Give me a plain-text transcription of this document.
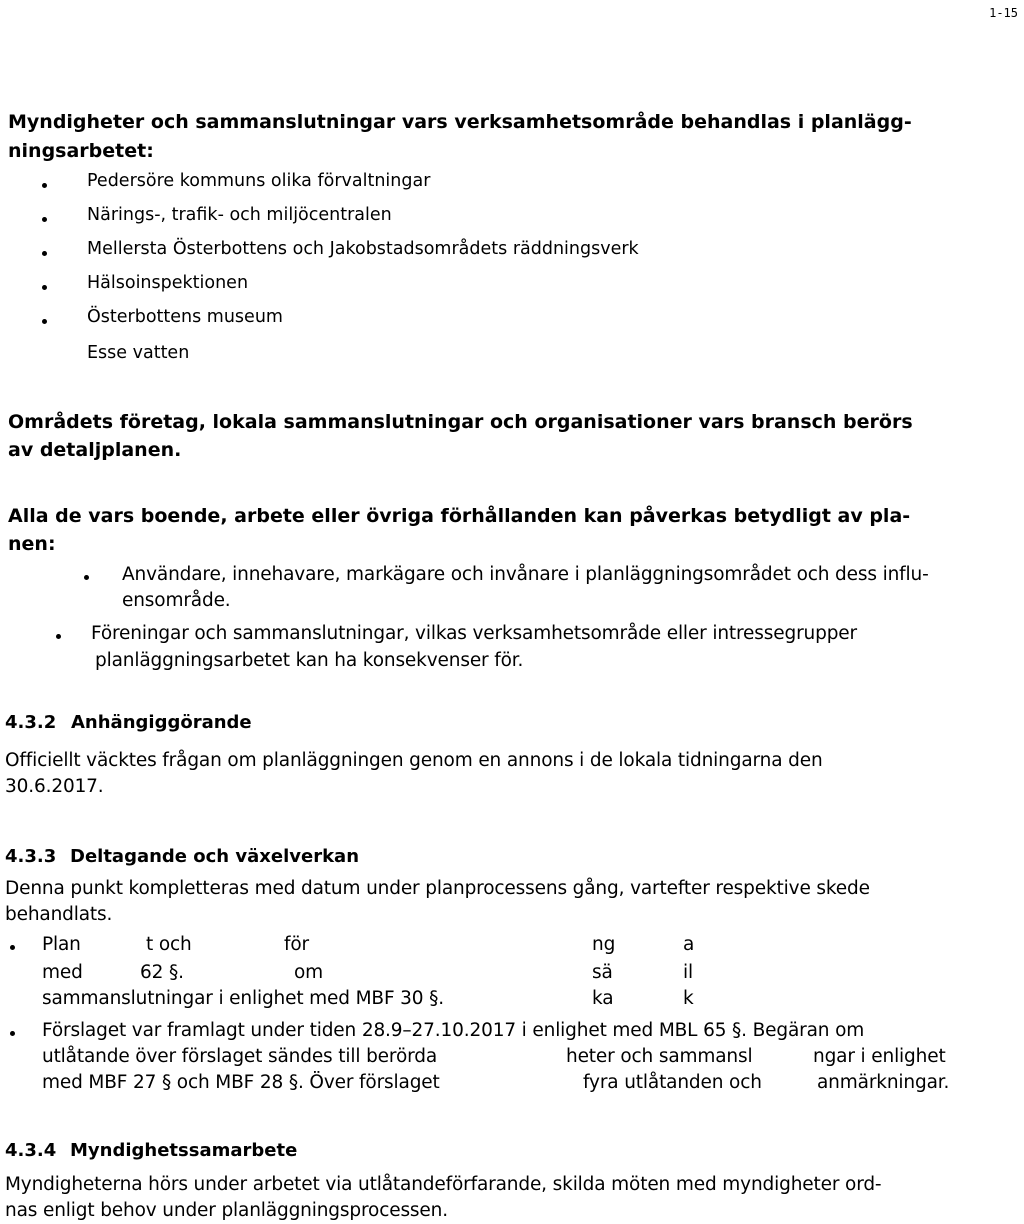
1-15
Myndigheter och sammanslutningar vars verksamhetsområde behandlas i planlägg-
ningsarbetet:
Pedersöre kommuns olika förvaltningar
Närings-, trafik- och miljöcentralen
Mellersta Österbottens och Jakobstadsområdets räddningsverk
Hälsoinspektionen
Österbottens museum
Esse vatten
Områdets företag, lokala sammanslutningar och organisationer vars bransch berörs
av detaljplanen.
Alla de vars boende, arbete eller övriga förhållanden kan påverkas betydligt av pla-
nen:
Användare, innehavare, markägare och invånare i planläggningsområdet och dess influ-
ensområde.
Föreningar och sammanslutningar, vilkas verksamhetsområde eller intressegrupper
planläggningsarbetet kan ha konsekvenser för.
4.3.2 Anhängiggörande
Officiellt väcktes frågan om planläggningen genom en annons i de lokala tidningarna den
30.6.2017.
4.3.3 Deltagande och växelverkan
Denna punkt kompletteras med datum under planprocessens gång, vartefter respektive skede
behandlats.
Plan	t och	för	ng	a
med	62 §.	om	sä	il
sammanslutningar i enlighet med MBF 30 §.	ka	k
Förslaget var framlagt under tiden 28.9–27.10.2017 i enlighet med MBL 65 §. Begäran om
utlåtande över förslaget sändes till berörda	heter och sammansl	ngar i enlighet
med MBF 27 § och MBF 28 §. Över förslaget	fyra utlåtanden och	anmärkningar.
4.3.4 Myndighetssamarbete
Myndigheterna hörs under arbetet via utlåtandeförfarande, skilda möten med myndigheter ord-
nas enligt behov under planläggningsprocessen.
